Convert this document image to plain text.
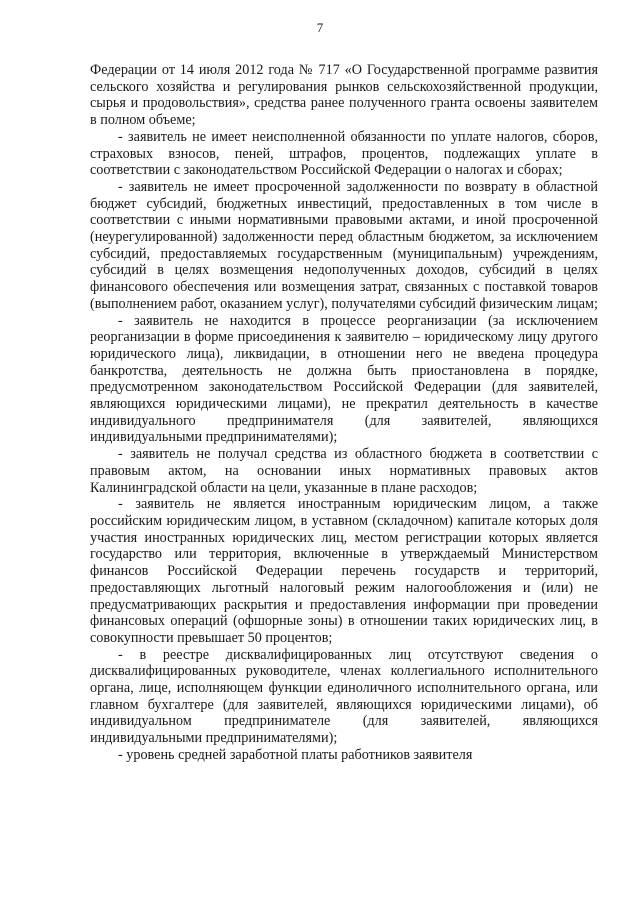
7

Федерации от 14 июля 2012 года № 717 «О Государственной программе развития сельского хозяйства и регулирования рынков сельскохозяйственной продукции, сырья и продовольствия», средства ранее полученного гранта освоены заявителем в полном объеме;

- заявитель не имеет неисполненной обязанности по уплате налогов, сборов, страховых взносов, пеней, штрафов, процентов, подлежащих уплате в соответствии с законодательством Российской Федерации о налогах и сборах;

- заявитель не имеет просроченной задолженности по возврату в областной бюджет субсидий, бюджетных инвестиций, предоставленных в том числе в соответствии с иными нормативными правовыми актами, и иной просроченной (неурегулированной) задолженности перед областным бюджетом, за исключением субсидий, предоставляемых государственным (муниципальным) учреждениям, субсидий в целях возмещения недополученных доходов, субсидий в целях финансового обеспечения или возмещения затрат, связанных с поставкой товаров (выполнением работ, оказанием услуг), получателями субсидий физическим лицам;

- заявитель не находится в процессе реорганизации (за исключением реорганизации в форме присоединения к заявителю – юридическому лицу другого юридического лица), ликвидации, в отношении него не введена процедура банкротства, деятельность не должна быть приостановлена в порядке, предусмотренном законодательством Российской Федерации (для заявителей, являющихся юридическими лицами), не прекратил деятельность в качестве индивидуального предпринимателя (для заявителей, являющихся индивидуальными предпринимателями);

- заявитель не получал средства из областного бюджета в соответствии с правовым актом, на основании иных нормативных правовых актов Калининградской области на цели, указанные в плане расходов;

- заявитель не является иностранным юридическим лицом, а также российским юридическим лицом, в уставном (складочном) капитале которых доля участия иностранных юридических лиц, местом регистрации которых является государство или территория, включенные в утверждаемый Министерством финансов Российской Федерации перечень государств и территорий, предоставляющих льготный налоговый режим налогообложения и (или) не предусматривающих раскрытия и предоставления информации при проведении финансовых операций (офшорные зоны) в отношении таких юридических лиц, в совокупности превышает 50 процентов;

- в реестре дисквалифицированных лиц отсутствуют сведения о дисквалифицированных руководителе, членах коллегиального исполнительного органа, лице, исполняющем функции единоличного исполнительного органа, или главном бухгалтере (для заявителей, являющихся юридическими лицами), об индивидуальном предпринимателе (для заявителей, являющихся индивидуальными предпринимателями);

- уровень средней заработной платы работников заявителя
